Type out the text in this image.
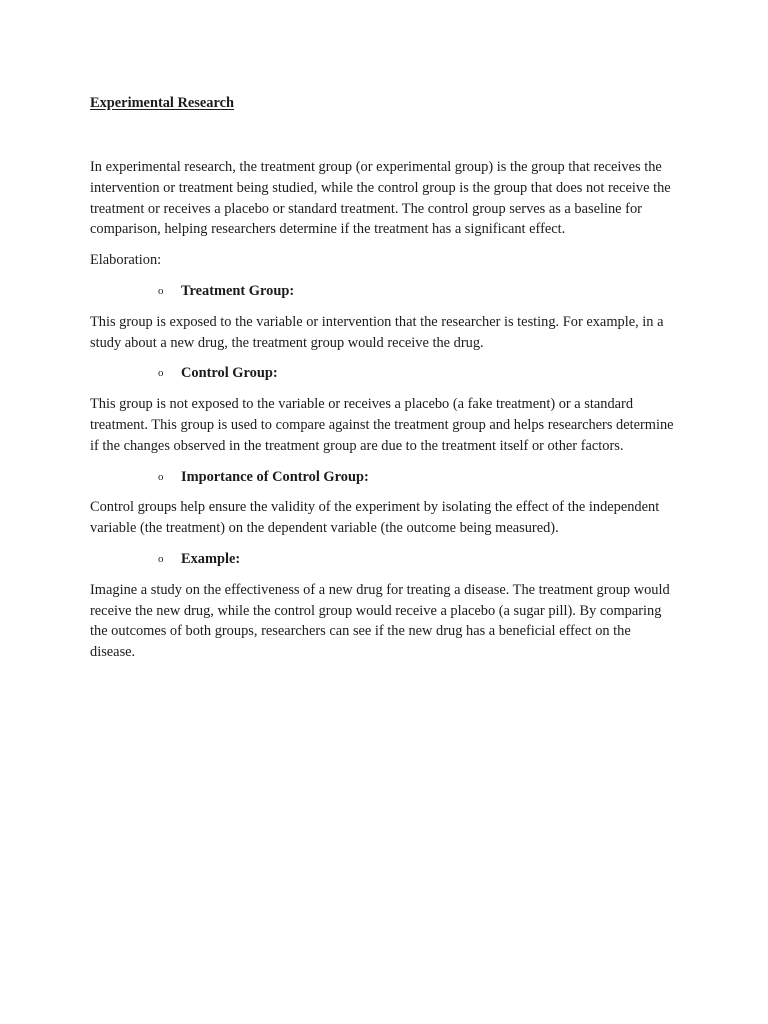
Experimental Research

In experimental research, the treatment group (or experimental group) is the group that receives the intervention or treatment being studied, while the control group is the group that does not receive the treatment or receives a placebo or standard treatment. The control group serves as a baseline for comparison, helping researchers determine if the treatment has a significant effect.

Elaboration:

o Treatment Group:

This group is exposed to the variable or intervention that the researcher is testing. For example, in a study about a new drug, the treatment group would receive the drug.

o Control Group:

This group is not exposed to the variable or receives a placebo (a fake treatment) or a standard treatment. This group is used to compare against the treatment group and helps researchers determine if the changes observed in the treatment group are due to the treatment itself or other factors.

o Importance of Control Group:

Control groups help ensure the validity of the experiment by isolating the effect of the independent variable (the treatment) on the dependent variable (the outcome being measured).

o Example:

Imagine a study on the effectiveness of a new drug for treating a disease. The treatment group would receive the new drug, while the control group would receive a placebo (a sugar pill). By comparing the outcomes of both groups, researchers can see if the new drug has a beneficial effect on the disease.
